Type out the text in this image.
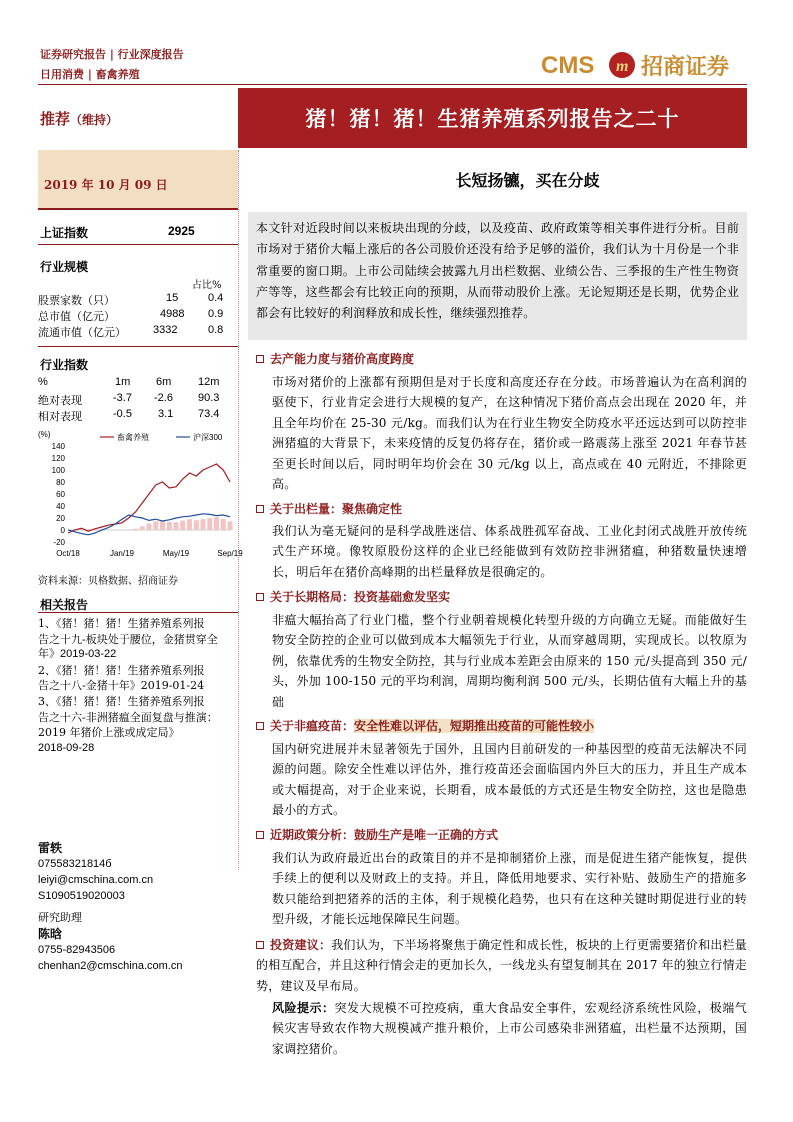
证券研究报告 | 行业深度报告
日用消费 | 畜禽养殖	CMS m 招商证券
推荐（维持）	猪！猪！猪！生猪养殖系列报告之二十
2019 年 10 月 09 日	长短扬镳，买在分歧
上证指数	2925
行业规模
占比%
股票家数（只）	15	0.4
总市值（亿元）	4988 0.9
流通市值（亿元） 3332	0.8
行业指数
%	1m 6m 12m
绝对表现	-3.7 -2.6 90.3
相对表现	-0.5 3.1 73.4
(%)	畜禽养殖	沪深300
-20
0
20
40
60
80
100
120
140
Oct/18	Jan/19	May/19	Sep/19
资料来源：贝格数据、招商证券
相关报告
1、《猪！猪！猪！生猪养殖系列报
告之十九-板块处于腰位，金猪贯穿全
年》2019-03-22
2、《猪！猪！猪！生猪养殖系列报
告之十八-金猪十年》2019-01-24
3、《猪！猪！猪！生猪养殖系列报
告之十六-非洲猪瘟全面复盘与推演：
2019 年猪价上涨或成定局》
2018-09-28
雷轶
07558321814б
leiyi@cmschina.com.cn
S1090519020003
研究助理
陈晗
0755-82943506
chenhan2@cmschina.com.cn
本文针对近段时间以来板块出现的分歧，以及疫苗、政府政策等相关事件进行分析。目前市场对于猪价大幅上涨后的各公司股价还没有给予足够的溢价，我们认为十月份是一个非常重要的窗口期。上市公司陆续会披露九月出栏数据、业绩公告、三季报的生产性生物资产等等，这些都会有比较正向的预期，从而带动股价上涨。无论短期还是长期，优势企业都会有比较好的利润释放和成长性，继续强烈推荐。
去产能力度与猪价高度跨度
市场对猪价的上涨都有预期但是对于长度和高度还存在分歧。市场普遍认为在高利润的驱使下，行业肯定会进行大规模的复产，在这种情况下猪价高点会出现在 2020 年，并且全年均价在 25-30 元/kg。而我们认为在行业生物安全防疫水平还远达到可以防控非洲猪瘟的大背景下，未来疫情的反复仍将存在，猪价或一路震荡上涨至 2021 年春节甚至更长时间以后，同时明年均价会在 30 元/kg 以上，高点或在 40 元附近，不排除更高。
关于出栏量：聚焦确定性
我们认为毫无疑问的是科学战胜迷信、体系战胜孤军奋战、工业化封闭式战胜开放传统式生产环境。像牧原股份这样的企业已经能做到有效防控非洲猪瘟，种猪数量快速增长，明后年在猪价高峰期的出栏量释放是很确定的。
关于长期格局：投资基础愈发坚实
非瘟大幅抬高了行业门槛，整个行业朝着规模化转型升级的方向确立无疑。而能做好生物安全防控的企业可以做到成本大幅领先于行业，从而穿越周期，实现成长。以牧原为例，依靠优秀的生物安全防控，其与行业成本差距会由原来的 150 元/头提高到 350 元/头，外加 100-150 元的平均利润，周期均衡利润 500 元/头，长期估值有大幅上升的基础
关于非瘟疫苗：安全性难以评估，短期推出疫苗的可能性较小
国内研究进展并未显著领先于国外，且国内目前研发的一种基因型的疫苗无法解决不同源的问题。除安全性难以评估外，推行疫苗还会面临国内外巨大的压力，并且生产成本或大幅提高，对于企业来说，长期看，成本最低的方式还是生物安全防控，这也是隐患最小的方式。
近期政策分析：鼓励生产是唯一正确的方式
我们认为政府最近出台的政策目的并不是抑制猪价上涨，而是促进生猪产能恢复，提供手续上的便利以及财政上的支持。并且，降低用地要求、实行补贴、鼓励生产的措施多数只能给到把猪养的活的主体，利于规模化趋势，也只有在这种关键时期促进行业的转型升级，才能长远地保障民生问题。
投资建议：我们认为，下半场将聚焦于确定性和成长性，板块的上行更需要猪价和出栏量的相互配合，并且这种行情会走的更加长久，一线龙头有望复制其在 2017 年的独立行情走势，建议及早布局。
风险提示：突发大规模不可控疫病，重大食品安全事件，宏观经济系统性风险，极端气候灾害导致农作物大规模减产推升粮价，上市公司感染非洲猪瘟，出栏量不达预期，国家调控猪价。
